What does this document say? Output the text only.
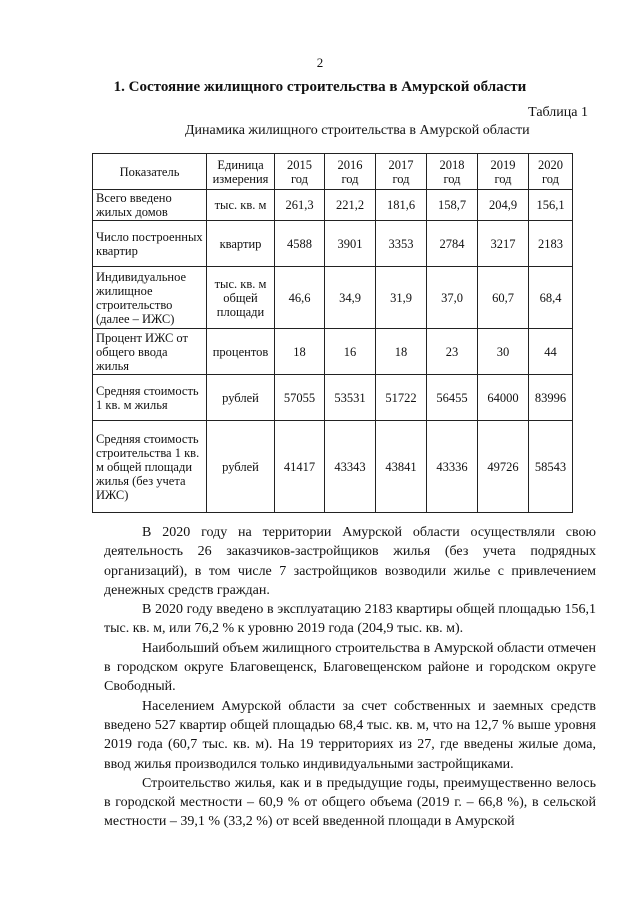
2
1. Состояние жилищного строительства в Амурской области
Таблица 1
Динамика жилищного строительства в Амурской области
Показатель	Единица измерения	2015 год	2016 год	2017 год	2018 год	2019 год	2020 год
Всего введено жилых домов	тыс. кв. м	261,3	221,2	181,6	158,7	204,9	156,1
Число построенных квартир	квартир	4588	3901	3353	2784	3217	2183
Индивидуальное жилищное строительство (далее – ИЖС)	тыс. кв. м общей площади	46,6	34,9	31,9	37,0	60,7	68,4
Процент ИЖС от общего ввода жилья	процентов	18	16	18	23	30	44
Средняя стоимость 1 кв. м жилья	рублей	57055	53531	51722	56455	64000	83996
Средняя стоимость строительства 1 кв. м общей площади жилья (без учета ИЖС)	рублей	41417	43343	43841	43336	49726	58543

В 2020 году на территории Амурской области осуществляли свою деятельность 26 заказчиков-застройщиков жилья (без учета подрядных организаций), в том числе 7 застройщиков возводили жилье с привлечением денежных средств граждан.

В 2020 году введено в эксплуатацию 2183 квартиры общей площадью 156,1 тыс. кв. м, или 76,2 % к уровню 2019 года (204,9 тыс. кв. м).

Наибольший объем жилищного строительства в Амурской области отмечен в городском округе Благовещенск, Благовещенском районе и городском округе Свободный.

Населением Амурской области за счет собственных и заемных средств введено 527 квартир общей площадью 68,4 тыс. кв. м, что на 12,7 % выше уровня 2019 года (60,7 тыс. кв. м). На 19 территориях из 27, где введены жилые дома, ввод жилья производился только индивидуальными застройщиками.

Строительство жилья, как и в предыдущие годы, преимущественно велось в городской местности – 60,9 % от общего объема (2019 г. – 66,8 %), в сельской местности – 39,1 % (33,2 %) от всей введенной площади в Амурской
